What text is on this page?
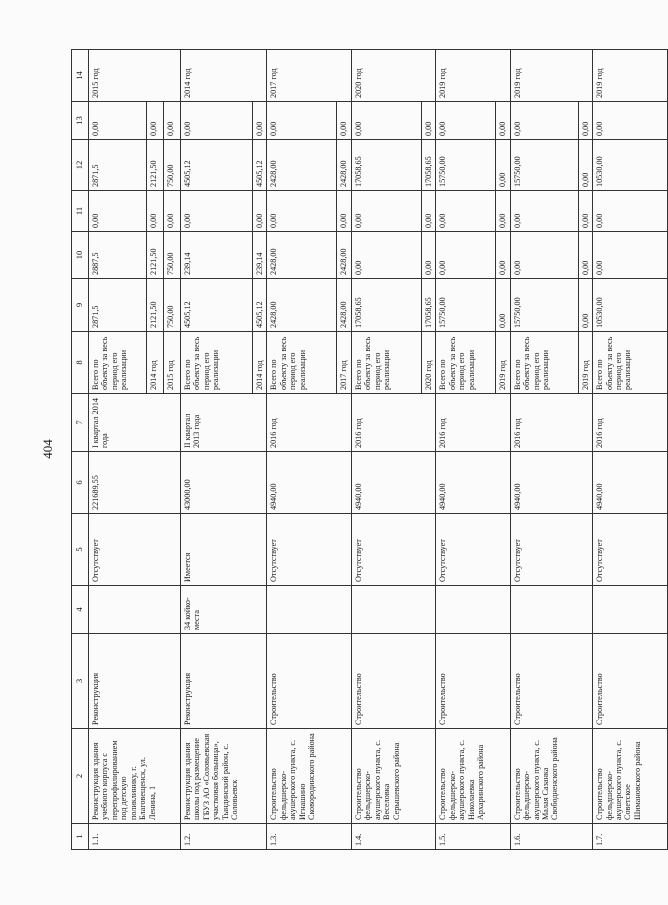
404
1	2	3	4	5	6	7	8	9	10	11	12	13	14
1.1.	Реконструкция здания учебного корпуса с перепрофилированием под детскую поликлинику, г. Благовещенск, ул. Ленина, 1	Реконструкция		Отсутствует	221689,55	I квартал 2014 года	Всего по объекту за весь период его реализации	2871,5	2887,5	0,00	2871,5	0,00	2015 год
							2014 год	2121,50	2121,50	0,00	2121,50	0,00	
							2015 год	750,00	750,00	0,00	750,00	0,00	
1.2.	Реконструкция здания школы под размещение ГБУЗ АО «Соловьевская участковая больница», Тындинский район, с. Соловьевск	Реконструкция	34 койко-места	Имеется	43000,00	II квартал 2013 года	Всего по объекту за весь период его реализации	4505,12	239,14	0,00	4505,12	0,00	2014 год
							2014 год	4505,12	239,14	0,00	4505,12	0,00	
1.3.	Строительство фельдшерско-акушерского пункта, с. Игнашино Сковородинского района	Строительство		Отсутствует	4940,00	2016 год	Всего по объекту за весь период его реализации	2428,00	2428,00	0,00	2428,00	0,00	2017 год
							2017 год	2428,00	2428,00	0,00	2428,00	0,00	
1.4.	Строительство фельдшерско-акушерского пункта, с. Веселовка Серышевского района	Строительство		Отсутствует	4940,00	2016 год	Всего по объекту за весь период его реализации	17058,65	0,00	0,00	17058,65	0,00	2020 год
							2020 год	17058,65	0,00	0,00	17058,65	0,00	
1.5.	Строительство фельдшерско-акушерского пункта, с. Николаевка Архаринского района	Строительство		Отсутствует	4940,00	2016 год	Всего по объекту за весь период его реализации	15750,00	0,00	0,00	15750,00	0,00	2019 год
							2019 год	0,00	0,00	0,00	0,00	0,00	
1.6.	Строительство фельдшерско-акушерского пункта, с. Малая Сазанка Свободненского района	Строительство		Отсутствует	4940,00	2016 год	Всего по объекту за весь период его реализации	15750,00	0,00	0,00	15750,00	0,00	2019 год
							2019 год	0,00	0,00	0,00	0,00	0,00	
1.7.	Строительство фельдшерско-акушерского пункта, с. Советское Шимановского района	Строительство		Отсутствует	4940,00	2016 год	Всего по объекту за весь период его реализации	10530,00	0,00	0,00	10530,00	0,00	2019 год
